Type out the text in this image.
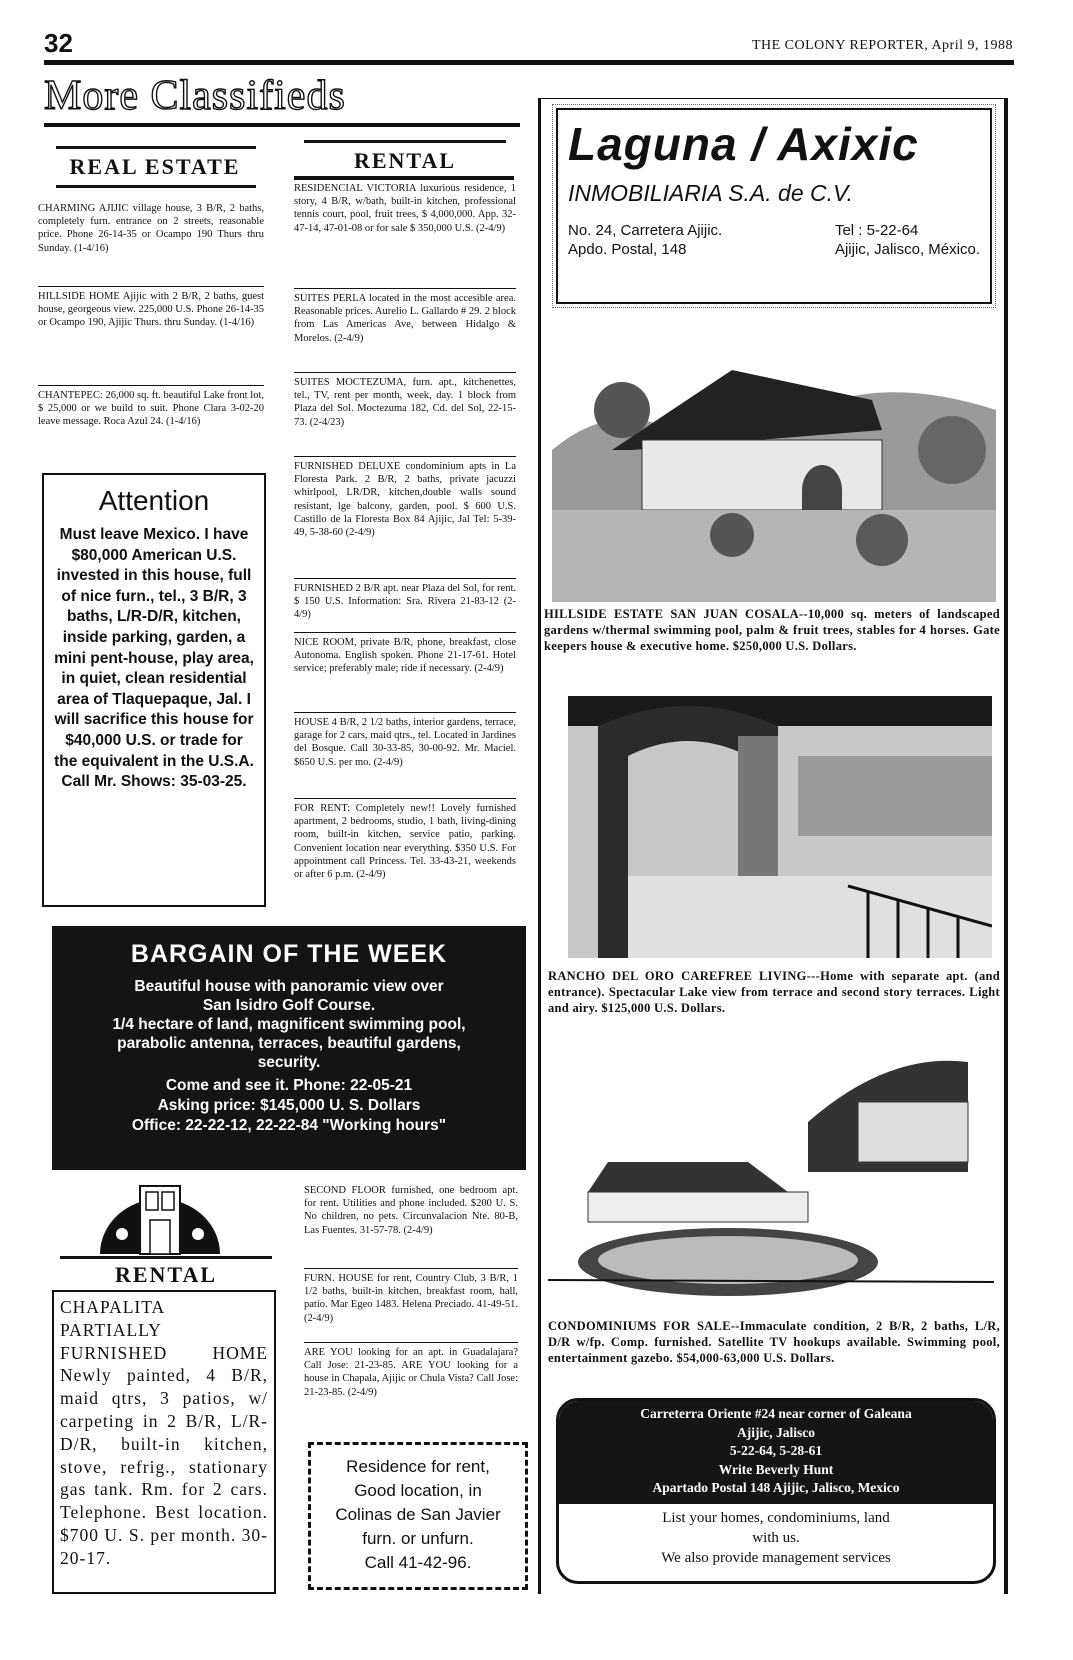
32	THE COLONY REPORTER, April 9, 1988
More Classifieds
REAL ESTATE
CHARMING AJIJIC village house, 3 B/R, 2 baths, completely furn. entrance on 2 streets, reasonable price. Phone 26-14-35 or Ocampo 190 Thurs thru Sunday. (1-4/16)
HILLSIDE HOME Ajijic with 2 B/R, 2 baths, guest house, georgeous view. 225,000 U.S. Phone 26-14-35 or Ocampo 190, Ajijic Thurs. thru Sunday. (1-4/16)
CHANTEPEC: 26,000 sq. ft. beautiful Lake front lot, $ 25,000 or we build to suit. Phone Clara 3-02-20 leave message. Roca Azul 24. (1-4/16)
Attention
Must leave Mexico. I have $80,000 American U.S. invested in this house, full of nice furn., tel., 3 B/R, 3 baths, L/R-D/R, kitchen, inside parking, garden, a mini pent-house, play area, in quiet, clean residential area of Tlaquepaque, Jal. I will sacrifice this house for $40,000 U.S. or trade for the equivalent in the U.S.A. Call Mr. Shows: 35-03-25.
RENTAL
RESIDENCIAL VICTORIA luxurious residence, 1 story, 4 B/R, w/bath, built-in kitchen, professional tennis court, pool, fruit trees, $ 4,000,000. App. 32-47-14, 47-01-08 or for sale $ 350,000 U.S. (2-4/9)
SUITES PERLA located in the most accesible area. Reasonable prices. Aurelio L. Gallardo # 29. 2 block from Las Americas Ave, between Hidalgo & Morelos. (2-4/9)
SUITES MOCTEZUMA, furn. apt., kitchenettes, tel., TV, rent per month, week, day. 1 block from Plaza del Sol. Moctezuma 182, Cd. del Sol, 22-15-73. (2-4/23)
FURNISHED DELUXE condominium apts in La Floresta Park. 2 B/R, 2 baths, private jacuzzi whirlpool, LR/DR, kitchen,double walls sound resistant, lge balcony, garden, pool. $ 600 U.S. Castillo de la Floresta Box 84 Ajijic, Jal Tel: 5-39-49, 5-38-60 (2-4/9)
FURNISHED 2 B/R apt. near Plaza del Sol, for rent. $ 150 U.S. Information: Sra. Rivera 21-83-12 (2-4/9)
NICE ROOM, private B/R, phone, breakfast, close Autonoma. English spoken. Phone 21-17-61. Hotel service; preferably male; ride if necessary. (2-4/9)
HOUSE 4 B/R, 2 1/2 baths, interior gardens, terrace, garage for 2 cars, maid qtrs., tel. Located in Jardines del Bosque. Call 30-33-85, 30-00-92. Mr. Maciel. $650 U.S. per mo. (2-4/9)
FOR RENT: Completely new!! Lovely furnished apartment, 2 bedrooms, studio, 1 bath, living-dining room, built-in kitchen, service patio, parking. Convenient location near everything. $350 U.S. For appointment call Princess. Tel. 33-43-21, weekends or after 6 p.m. (2-4/9)
BARGAIN OF THE WEEK
Beautiful house with panoramic view over
San Isidro Golf Course.
1/4 hectare of land, magnificent swimming pool,
parabolic antenna, terraces, beautiful gardens,
security.
Come and see it. Phone: 22-05-21
Asking price: $145,000 U. S. Dollars
Office: 22-22-12, 22-22-84 "Working hours"
RENTAL
CHAPALITA PARTIALLY FURNISHED HOME Newly painted, 4 B/R, maid qtrs, 3 patios, w/ carpeting in 2 B/R, L/R-D/R, built-in kitchen, stove, refrig., stationary gas tank. Rm. for 2 cars. Telephone. Best location. $700 U. S. per month. 30-20-17.
SECOND FLOOR furnished, one bedroom apt. for rent. Utilities and phone included. $200 U. S. No children, no pets. Circunvalacion Nte. 80-B, Las Fuentes. 31-57-78. (2-4/9)
FURN. HOUSE for rent, Country Club, 3 B/R, 1 1/2 baths, built-in kitchen, breakfast room, hall, patio. Mar Egeo 1483. Helena Preciado. 41-49-51. (2-4/9)
ARE YOU looking for an apt. in Guadalajara? Call Jose: 21-23-85. ARE YOU looking for a house in Chapala, Ajijic or Chula Vista? Call Jose: 21-23-85. (2-4/9)
Residence for rent,
Good location, in
Colinas de San Javier
furn. or unfurn.
Call 41-42-96.
Laguna / Axixic
INMOBILIARIA S.A. de C.V.
No. 24, Carretera Ajijic.
Apdo. Postal, 148
Tel : 5-22-64
Ajijic, Jalisco, México.
HILLSIDE ESTATE SAN JUAN COSALA--10,000 sq. meters of landscaped gardens w/thermal swimming pool, palm & fruit trees, stables for 4 horses. Gate keepers house & executive home. $250,000 U.S. Dollars.
RANCHO DEL ORO CAREFREE LIVING---Home with separate apt. (and entrance). Spectacular Lake view from terrace and second story terraces. Light and airy. $125,000 U.S. Dollars.
CONDOMINIUMS FOR SALE--Immaculate condition, 2 B/R, 2 baths, L/R, D/R w/fp. Comp. furnished. Satellite TV hookups available. Swimming pool, entertainment gazebo. $54,000-63,000 U.S. Dollars.
Carreterra Oriente #24 near corner of Galeana
Ajijic, Jalisco
5-22-64, 5-28-61
Write Beverly Hunt
Apartado Postal 148 Ajijic, Jalisco, Mexico
List your homes, condominiums, land
with us.
We also provide management services
